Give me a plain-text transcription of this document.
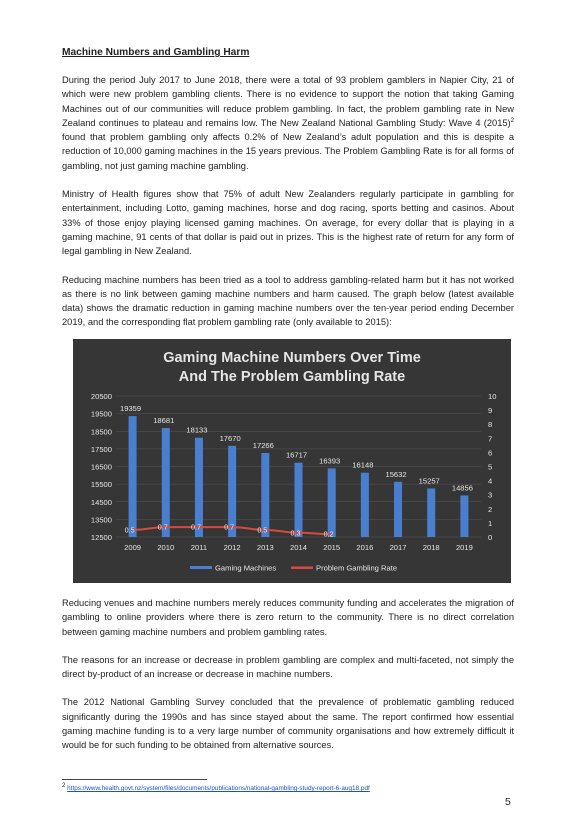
Machine Numbers and Gambling Harm

During the period July 2017 to June 2018, there were a total of 93 problem gamblers in Napier City, 21 of which were new problem gambling clients. There is no evidence to support the notion that taking Gaming Machines out of our communities will reduce problem gambling. In fact, the problem gambling rate in New Zealand continues to plateau and remains low. The New Zealand National Gambling Study: Wave 4 $(2015)^2$ found that problem gambling only affects 0.2% of New Zealand’s adult population and this is despite a reduction of 10,000 gaming machines in the 15 years previous. The Problem Gambling Rate is for all forms of gambling, not just gaming machine gambling.

Ministry of Health figures show that 75% of adult New Zealanders regularly participate in gambling for entertainment, including Lotto, gaming machines, horse and dog racing, sports betting and casinos. About 33% of those enjoy playing licensed gaming machines. On average, for every dollar that is playing in a gaming machine, 91 cents of that dollar is paid out in prizes. This is the highest rate of return for any form of legal gambling in New Zealand.

Reducing machine numbers has been tried as a tool to address gambling-related harm but it has not worked as there is no link between gaming machine numbers and harm caused. The graph below (latest available data) shows the dramatic reduction in gaming machine numbers over the ten-year period ending December 2019, and the corresponding flat problem gambling rate (only available to 2015):

Gaming Machine Numbers Over Time
And The Problem Gambling Rate
19359
18681
18133
17670
17266
16717
16393 16148
15632
15257
14856
0.5	0.7	0.7	0.7	0.5	0.3	0.2
12500
13500
14500
15500
16500
17500
18500
19500
20500
0
1
2
3
4
5
6
7
8
9
10
2009 2010 2011 2012 2013 2014 2015 2016 2017 2018 2019
Gaming Machines	Problem Gambling Rate

Reducing venues and machine numbers merely reduces community funding and accelerates the migration of gambling to online providers where there is zero return to the community. There is no direct correlation between gaming machine numbers and problem gambling rates.

The reasons for an increase or decrease in problem gambling are complex and multi-faceted, not simply the direct by-product of an increase or decrease in machine numbers.

The 2012 National Gambling Survey concluded that the prevalence of problematic gambling reduced significantly during the 1990s and has since stayed about the same. The report confirmed how essential gaming machine funding is to a very large number of community organisations and how extremely difficult it would be for such funding to be obtained from alternative sources.

$^2$ https://www.health.govt.nz/system/files/documents/publications/national-gambling-study-report-6-aug18.pdf
5
